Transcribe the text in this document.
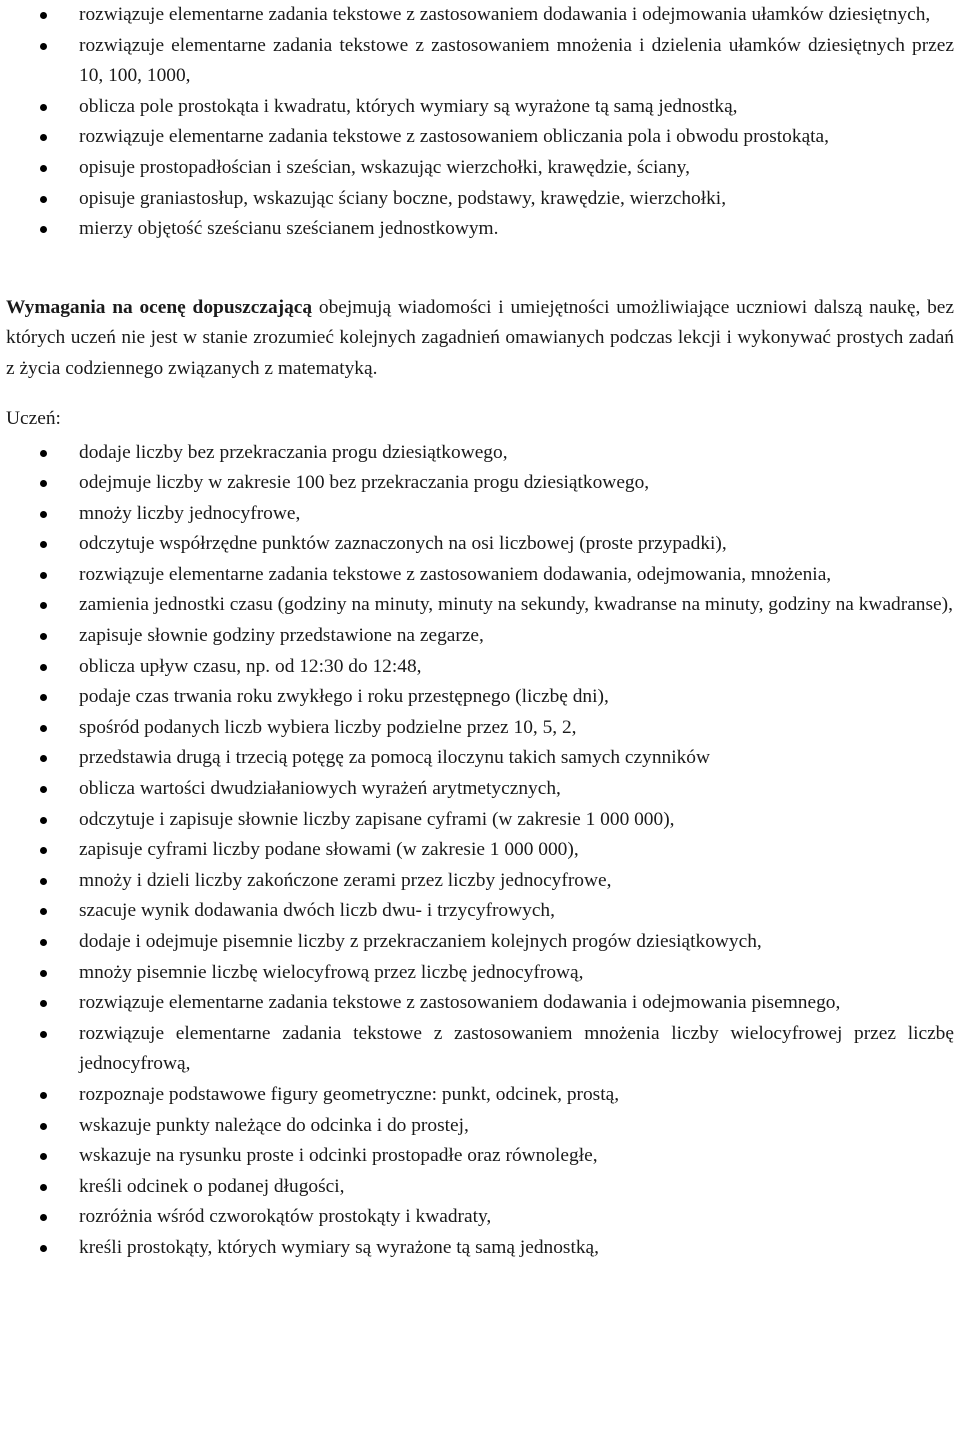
rozwiązuje elementarne zadania tekstowe z zastosowaniem dodawania i odejmowania ułamków dziesiętnych,
rozwiązuje elementarne zadania tekstowe z zastosowaniem mnożenia i dzielenia ułamków dziesiętnych przez 10, 100, 1000,
oblicza pole prostokąta i kwadratu, których wymiary są wyrażone tą samą jednostką,
rozwiązuje elementarne zadania tekstowe z zastosowaniem obliczania pola i obwodu prostokąta,
opisuje prostopadłościan i sześcian, wskazując wierzchołki, krawędzie, ściany,
opisuje graniastosłup, wskazując ściany boczne, podstawy, krawędzie, wierzchołki,
mierzy objętość sześcianu sześcianem jednostkowym.

Wymagania na ocenę dopuszczającą obejmują wiadomości i umiejętności umożliwiające uczniowi dalszą naukę, bez których uczeń nie jest w stanie zrozumieć kolejnych zagadnień omawianych podczas lekcji i wykonywać prostych zadań z życia codziennego związanych z matematyką.

Uczeń:

dodaje liczby bez przekraczania progu dziesiątkowego,
odejmuje liczby w zakresie 100 bez przekraczania progu dziesiątkowego,
mnoży liczby jednocyfrowe,
odczytuje współrzędne punktów zaznaczonych na osi liczbowej (proste przypadki),
rozwiązuje elementarne zadania tekstowe z zastosowaniem dodawania, odejmowania, mnożenia,
zamienia jednostki czasu (godziny na minuty, minuty na sekundy, kwadranse na minuty, godziny na kwadranse),
zapisuje słownie godziny przedstawione na zegarze,
oblicza upływ czasu, np. od 12:30 do 12:48,
podaje czas trwania roku zwykłego i roku przestępnego (liczbę dni),
spośród podanych liczb wybiera liczby podzielne przez 10, 5, 2,
przedstawia drugą i trzecią potęgę za pomocą iloczynu takich samych czynników
oblicza wartości dwudziałaniowych wyrażeń arytmetycznych,
odczytuje i zapisuje słownie liczby zapisane cyframi (w zakresie 1 000 000),
zapisuje cyframi liczby podane słowami (w zakresie 1 000 000),
mnoży i dzieli liczby zakończone zerami przez liczby jednocyfrowe,
szacuje wynik dodawania dwóch liczb dwu- i trzycyfrowych,
dodaje i odejmuje pisemnie liczby z przekraczaniem kolejnych progów dziesiątkowych,
mnoży pisemnie liczbę wielocyfrową przez liczbę jednocyfrową,
rozwiązuje elementarne zadania tekstowe z zastosowaniem dodawania i odejmowania pisemnego,
rozwiązuje elementarne zadania tekstowe z zastosowaniem mnożenia liczby wielocyfrowej przez liczbę jednocyfrową,
rozpoznaje podstawowe figury geometryczne: punkt, odcinek, prostą,
wskazuje punkty należące do odcinka i do prostej,
wskazuje na rysunku proste i odcinki prostopadłe oraz równoległe,
kreśli odcinek o podanej długości,
rozróżnia wśród czworokątów prostokąty i kwadraty,
kreśli prostokąty, których wymiary są wyrażone tą samą jednostką,
